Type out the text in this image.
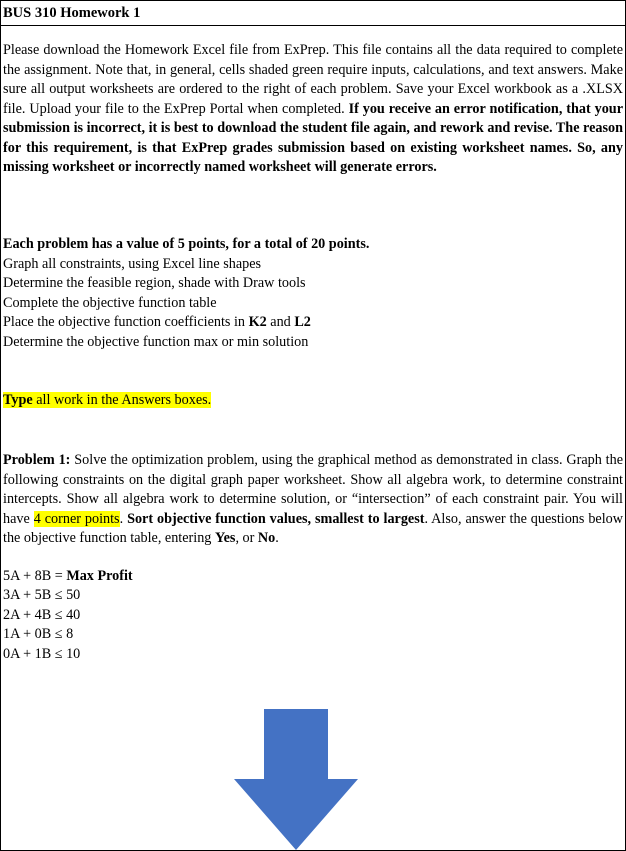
BUS 310 Homework 1
Please download the Homework Excel file from ExPrep. This file contains all the data required to complete the assignment. Note that, in general, cells shaded green require inputs, calculations, and text answers. Make sure all output worksheets are ordered to the right of each problem. Save your Excel workbook as a .XLSX file. Upload your file to the ExPrep Portal when completed. If you receive an error notification, that your submission is incorrect, it is best to download the student file again, and rework and revise. The reason for this requirement, is that ExPrep grades submission based on existing worksheet names. So, any missing worksheet or incorrectly named worksheet will generate errors.
Each problem has a value of 5 points, for a total of 20 points.
Graph all constraints, using Excel line shapes
Determine the feasible region, shade with Draw tools
Complete the objective function table
Place the objective function coefficients in K2 and L2
Determine the objective function max or min solution
Type all work in the Answers boxes.
Problem 1: Solve the optimization problem, using the graphical method as demonstrated in class. Graph the following constraints on the digital graph paper worksheet. Show all algebra work, to determine constraint intercepts. Show all algebra work to determine solution, or “intersection” of each constraint pair. You will have 4 corner points. Sort objective function values, smallest to largest. Also, answer the questions below the objective function table, entering Yes, or No.
5A + 8B = Max Profit
3A + 5B ≤ 50
2A + 4B ≤ 40
1A + 0B ≤ 8
0A + 1B ≤ 10
